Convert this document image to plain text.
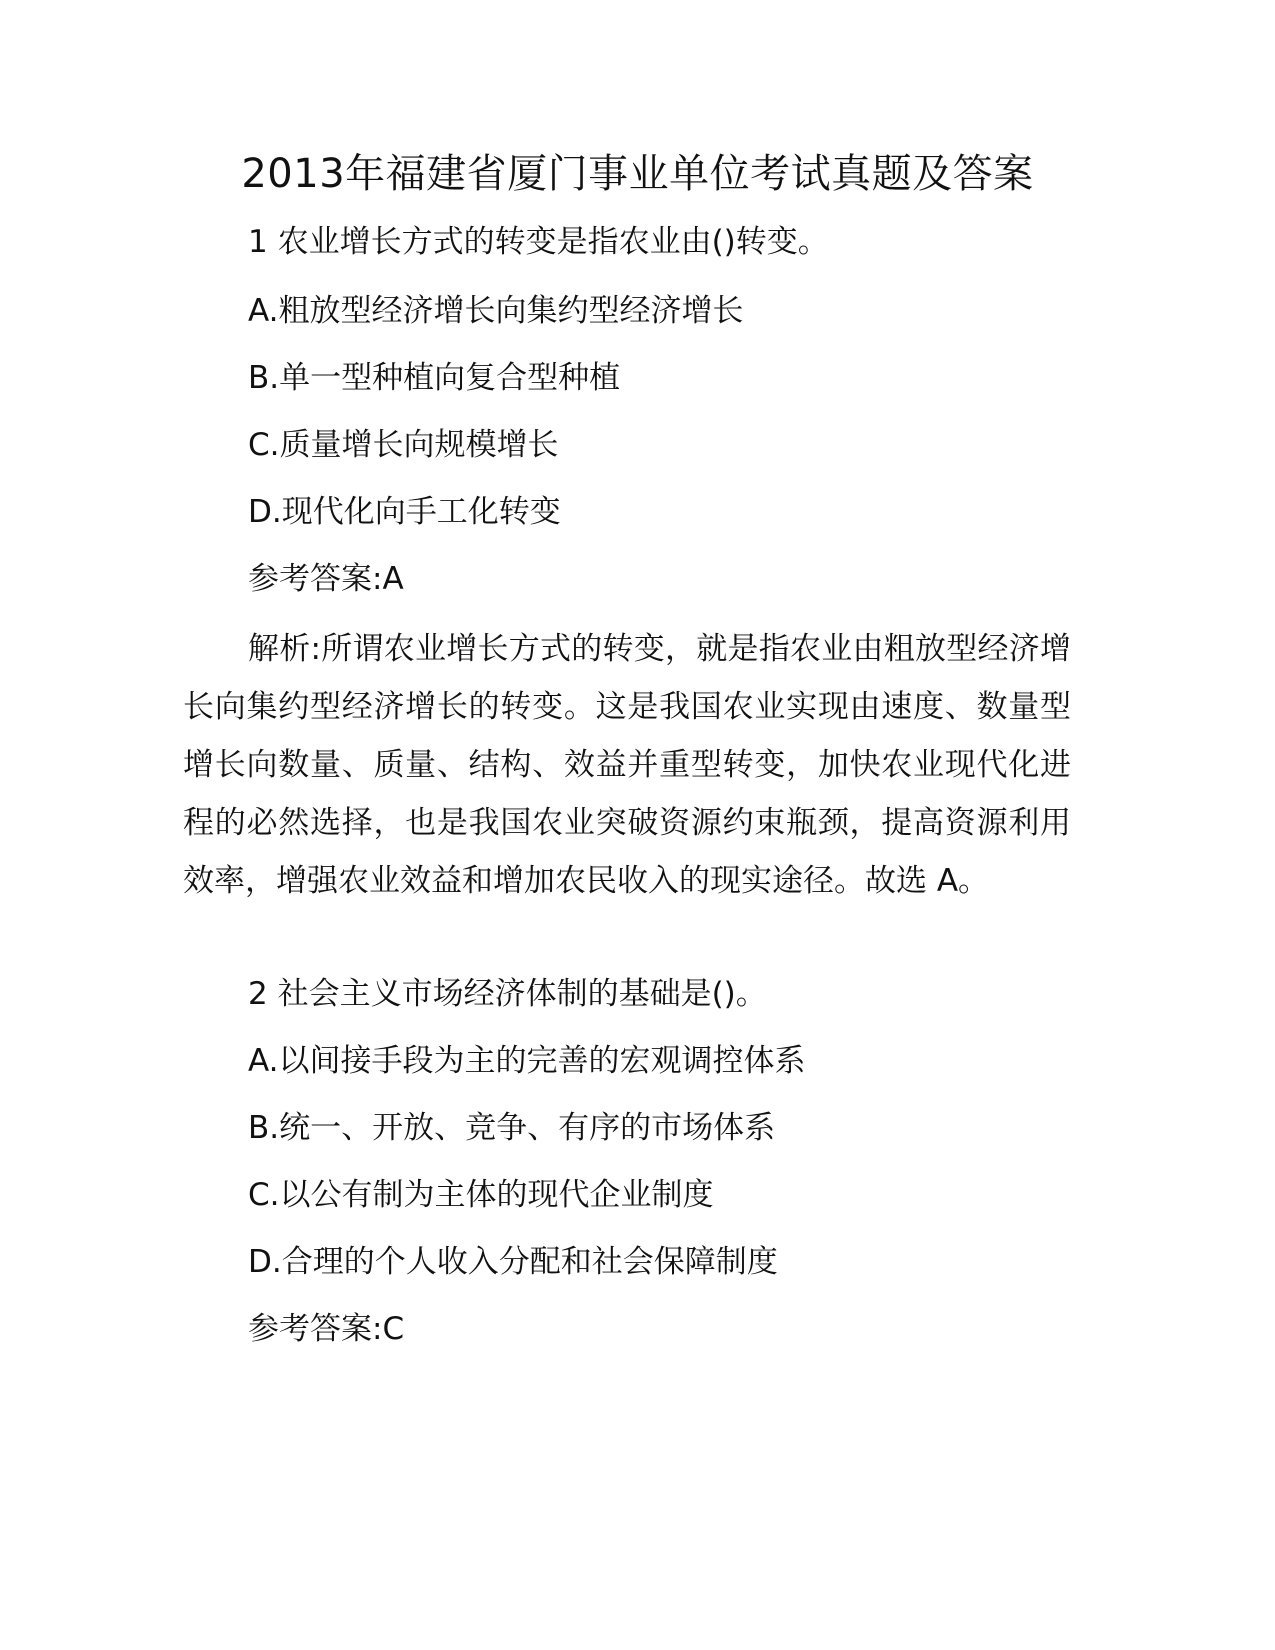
2013年福建省厦门事业单位考试真题及答案
1 农业增长方式的转变是指农业由()转变。
A.粗放型经济增长向集约型经济增长
B.单一型种植向复合型种植
C.质量增长向规模增长
D.现代化向手工化转变
参考答案:A

解析:所谓农业增长方式的转变，就是指农业由粗放型经济增长向集约型经济增长的转变。这是我国农业实现由速度、数量型增长向数量、质量、结构、效益并重型转变，加快农业现代化进程的必然选择，也是我国农业突破资源约束瓶颈，提高资源利用效率，增强农业效益和增加农民收入的现实途径。故选 A。

2 社会主义市场经济体制的基础是()。
A.以间接手段为主的完善的宏观调控体系
B.统一、开放、竞争、有序的市场体系
C.以公有制为主体的现代企业制度
D.合理的个人收入分配和社会保障制度
参考答案:C
